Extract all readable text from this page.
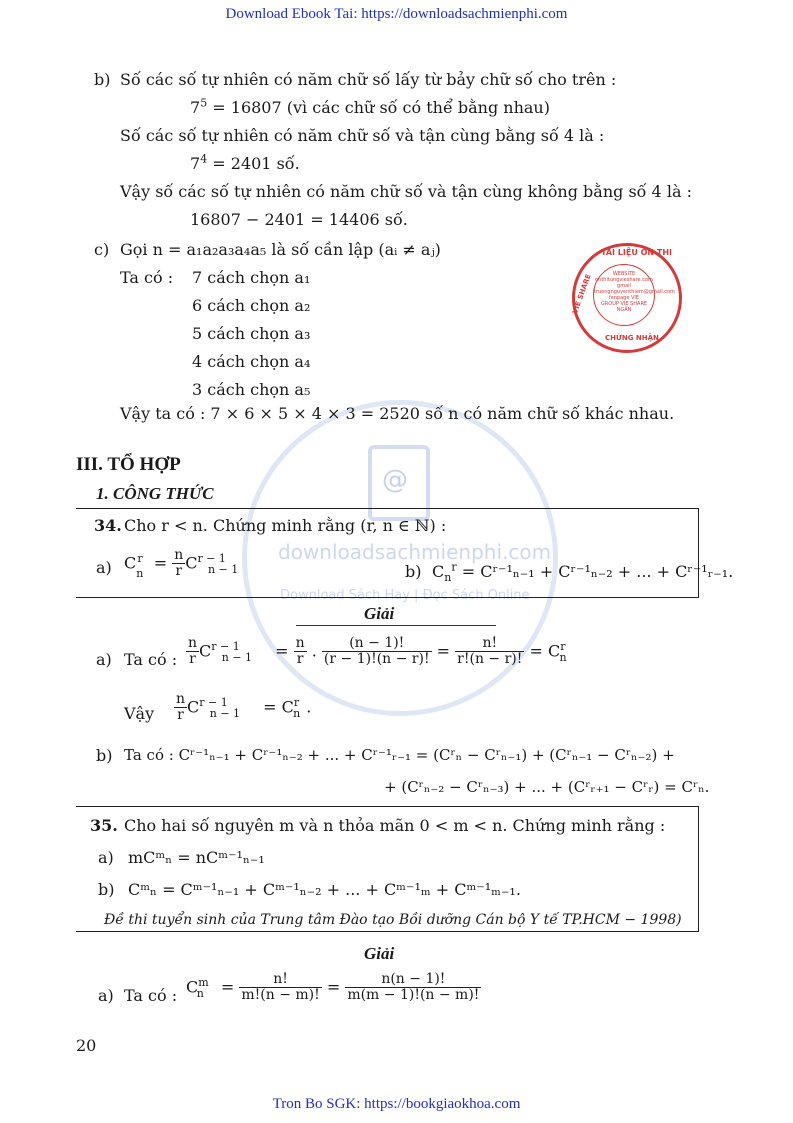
Download Ebook Tai: https://downloadsachmienphi.com
Tron Bo SGK: https://bookgiaokhoa.com
@
downloadsachmienphi.com
Download Sách Hay | Đọc Sách Online
TÀI LIỆU ÔN THI
VIE SHARE
CHỨNG NHẬN
WEBSITE
onthitungvieshare.com
gmail
truongnguyenthiem@gmail.com
fanpage VIE
GROUP VIE SHARE
NGÂN
b) Số các số tự nhiên có năm chữ số lấy từ bảy chữ số cho trên :
$7^5 = 16807$ (vì các chữ số có thể bằng nhau)
Số các số tự nhiên có năm chữ số và tận cùng bằng số 4 là :
$7^4 = 2401$ số.
Vậy số các số tự nhiên có năm chữ số và tận cùng không bằng số 4 là :
16807 − 2401 = 14406 số.
c) Gọi n = a₁a₂a₃a₄a₅ là số cần lập (aᵢ ≠ aⱼ)
Ta có : 7 cách chọn a₁
6 cách chọn a₂
5 cách chọn a₃
4 cách chọn a₄
3 cách chọn a₅
Vậy ta có : 7 × 6 × 5 × 4 × 3 = 2520 số n có năm chữ số khác nhau.
III. TỔ HỢP
1. CÔNG THỨC
34. Cho r < n. Chứng minh rằng (r, n ∈ ℕ) :
a) $C_n^r = \frac{n}{r} C^{r - 1}_{n - 1}$	b) $C_n^r$ = Cʳ⁻¹ₙ₋₁ + Cʳ⁻¹ₙ₋₂ + ... + Cʳ⁻¹ᵣ₋₁.
Giải
a) Ta có : $\frac{n}{r} C^{r - 1}_{n - 1} = \frac{n}{r}$ . $\frac{(n - 1)!}{(r - 1)!(n - r)!} = \frac{n!}{r!(n - r)!} = C^r_n$
Vậy $\frac{n}{r} C^{r - 1}_{n - 1} = C^r_n$ .
b) Ta có : Cʳ⁻¹ₙ₋₁ + Cʳ⁻¹ₙ₋₂ + ... + Cʳ⁻¹ᵣ₋₁ = (Cʳₙ − Cʳₙ₋₁) + (Cʳₙ₋₁ − Cʳₙ₋₂) +
+ (Cʳₙ₋₂ − Cʳₙ₋₃) + ... + (Cʳᵣ₊₁ − Cʳᵣ) = Cʳₙ.
35. Cho hai số nguyên m và n thỏa mãn 0 < m < n. Chứng minh rằng :
a) mCᵐₙ = nCᵐ⁻¹ₙ₋₁
b) Cᵐₙ = Cᵐ⁻¹ₙ₋₁ + Cᵐ⁻¹ₙ₋₂ + ... + Cᵐ⁻¹ₘ + Cᵐ⁻¹ₘ₋₁.
Đề thi tuyển sinh của Trung tâm Đào tạo Bồi dưỡng Cán bộ Y tế TP.HCM − 1998)
Giải
a) Ta có : $C^m_n = \frac{n!}{m!(n - m)!} = \frac{n(n - 1)!}{m(m - 1)!(n - m)!}$
20
